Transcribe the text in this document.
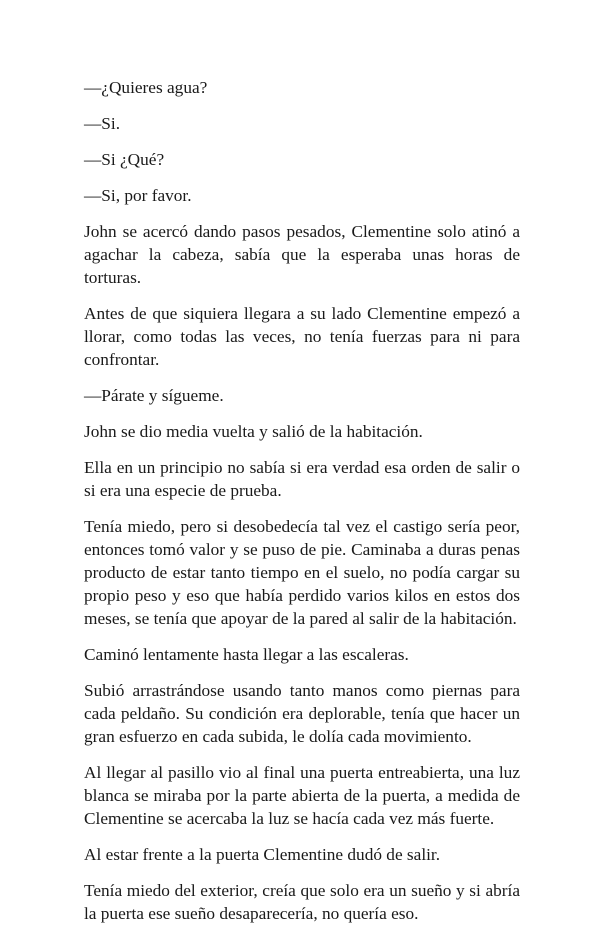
—¿Quieres agua?

—Si.

—Si ¿Qué?

—Si, por favor.

John se acercó dando pasos pesados, Clementine solo atinó a agachar la cabeza, sabía que la esperaba unas horas de torturas.

Antes de que siquiera llegara a su lado Clementine empezó a llorar, como todas las veces, no tenía fuerzas para ni para confrontar.

—Párate y sígueme.

John se dio media vuelta y salió de la habitación.

Ella en un principio no sabía si era verdad esa orden de salir o si era una especie de prueba.

Tenía miedo, pero si desobedecía tal vez el castigo sería peor, entonces tomó valor y se puso de pie. Caminaba a duras penas producto de estar tanto tiempo en el suelo, no podía cargar su propio peso y eso que había perdido varios kilos en estos dos meses, se tenía que apoyar de la pared al salir de la habitación.

Caminó lentamente hasta llegar a las escaleras.

Subió arrastrándose usando tanto manos como piernas para cada peldaño. Su condición era deplorable, tenía que hacer un gran esfuerzo en cada subida, le dolía cada movimiento.

Al llegar al pasillo vio al final una puerta entreabierta, una luz blanca se miraba por la parte abierta de la puerta, a medida de Clementine se acercaba la luz se hacía cada vez más fuerte.

Al estar frente a la puerta Clementine dudó de salir.

Tenía miedo del exterior, creía que solo era un sueño y si abría la puerta ese sueño desaparecería, no quería eso.
